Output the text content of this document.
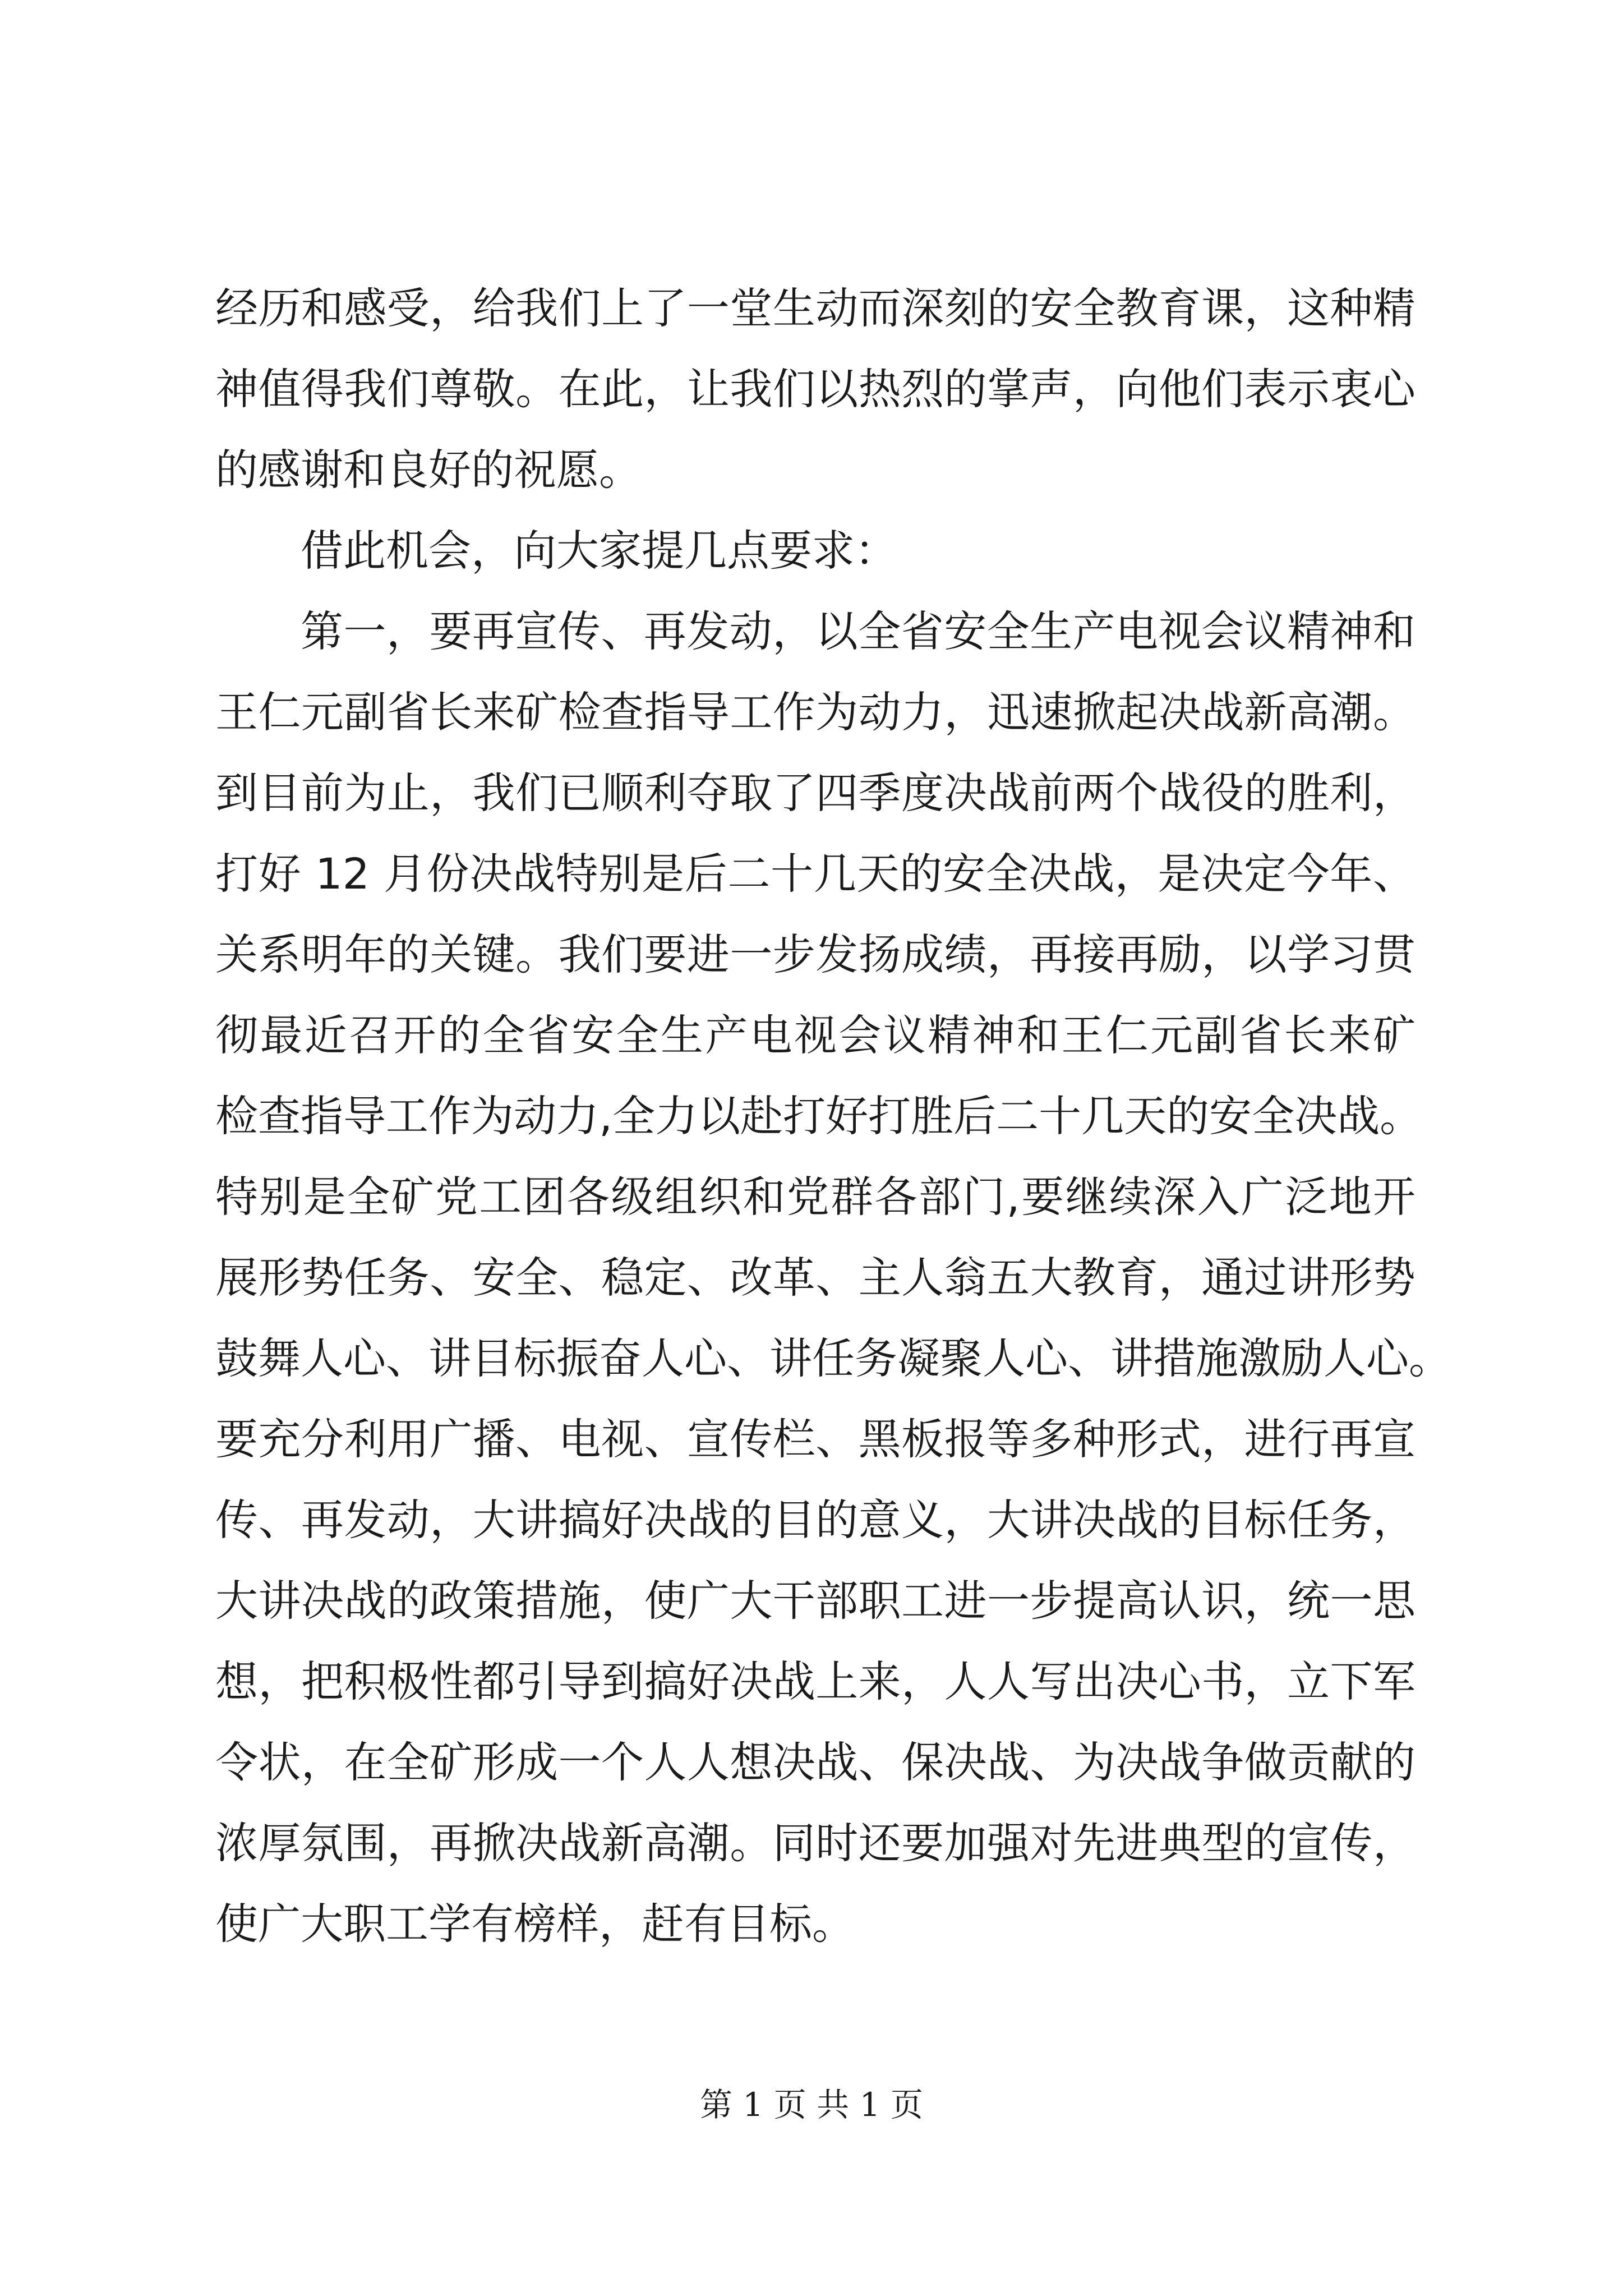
经历和感受，给我们上了一堂生动而深刻的安全教育课，这种精
神值得我们尊敬。在此，让我们以热烈的掌声，向他们表示衷心
的感谢和良好的祝愿。
借此机会，向大家提几点要求：
第一，要再宣传、再发动，以全省安全生产电视会议精神和
王仁元副省长来矿检查指导工作为动力，迅速掀起决战新高潮。
到目前为止，我们已顺利夺取了四季度决战前两个战役的胜利，
打好 12 月份决战特别是后二十几天的安全决战，是决定今年、
关系明年的关键。我们要进一步发扬成绩，再接再励，以学习贯
彻最近召开的全省安全生产电视会议精神和王仁元副省长来矿
检查指导工作为动力,全力以赴打好打胜后二十几天的安全决战。
特别是全矿党工团各级组织和党群各部门,要继续深入广泛地开
展形势任务、安全、稳定、改革、主人翁五大教育，通过讲形势
鼓舞人心、讲目标振奋人心、讲任务凝聚人心、讲措施激励人心。
要充分利用广播、电视、宣传栏、黑板报等多种形式，进行再宣
传、再发动，大讲搞好决战的目的意义，大讲决战的目标任务，
大讲决战的政策措施，使广大干部职工进一步提高认识，统一思
想，把积极性都引导到搞好决战上来，人人写出决心书，立下军
令状，在全矿形成一个人人想决战、保决战、为决战争做贡献的
浓厚氛围，再掀决战新高潮。同时还要加强对先进典型的宣传，
使广大职工学有榜样，赶有目标。
第 1 页 共 1 页
